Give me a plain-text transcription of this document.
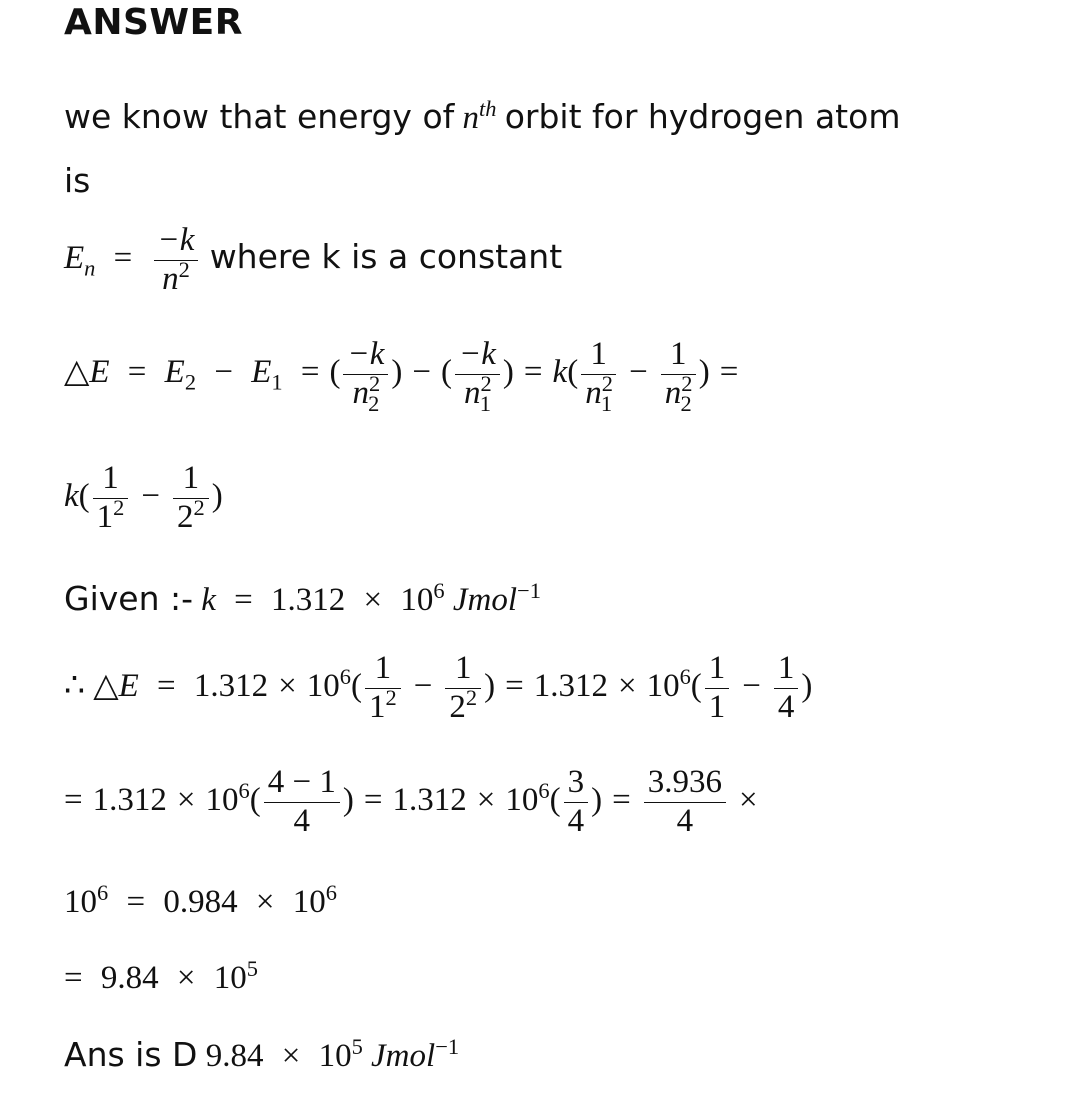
ANSWER
we know that energy of $n^{th}$ orbit for hydrogen atom
is
$E_n = \frac{-k}{n^2}$ where k is a constant
△E = $E_2 - E_1$ = ( $\frac{-k}{n^2_2}$ ) − ( $\frac{-k}{n^2_1}$ ) = $k( \frac{1}{n^2_1} - \frac{1}{n^2_2}$ ) =
$k( \frac{1}{1^2} - \frac{1}{2^2}$ )
Given :- $k = 1.312 \times 10^6$ Jmol$^{-1}$
∴ △E = $1.312 \times 10^6( \frac{1}{1^2} - \frac{1}{2^2}$ ) = $1.312 \times 10^6( \frac{1}{1} - \frac{1}{4}$ )
= $1.312 \times 10^6( \frac{4 - 1}{4}$ ) = $1.312 \times 10^6( \frac{3}{4}$ ) = $\frac{3.936}{4}$ ×
$10^6 = 0.984 \times 10^6$
= $9.84 \times 10^5$
Ans is D $9.84 \times 10^5$ Jmol$^{-1}$
